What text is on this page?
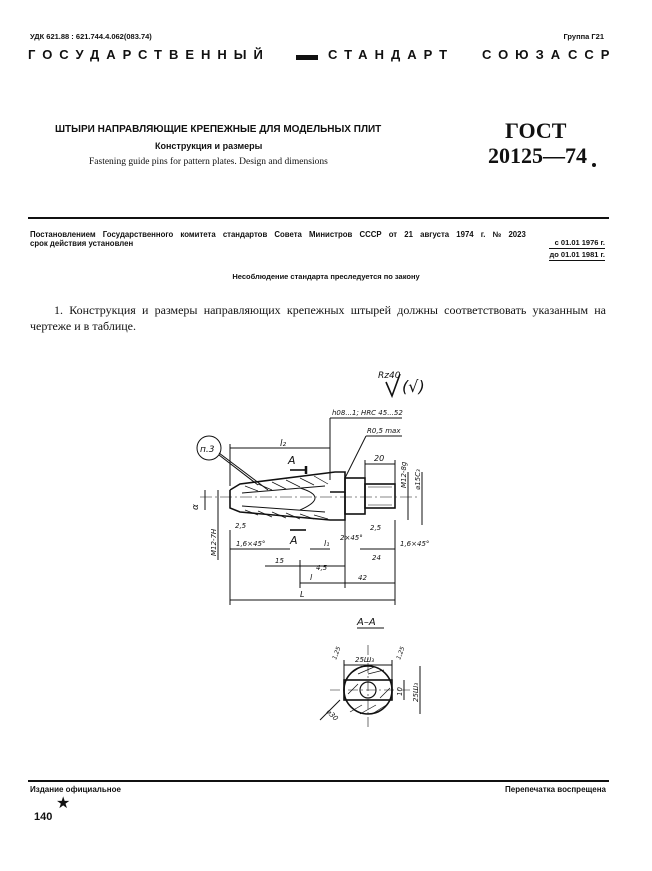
УДК 621.88 : 621.744.4.062(083.74)	Группа Г21
ГОСУДАРСТВЕННЫЙ	СТАНДАРТ СОЮЗА ССР
ШТЫРИ НАПРАВЛЯЮЩИЕ КРЕПЕЖНЫЕ ДЛЯ МОДЕЛЬНЫХ ПЛИТ
Конструкция и размеры
Fastening guide pins for pattern plates. Design and dimensions
ГОСТ
20125—74
Постановлением Государственного комитета стандартов Совета Министров СССР от 21 августа 1974 г. № 2023
срок действия установлен	с 01.01 1976 г.
до 01.01 1981 г.
Несоблюдение стандарта преследуется по закону
1. Конструкция и размеры направляющих крепежных штырей должны соответствовать указанным на чертеже и в таблице.
Rz40
(√)
h08...1; HRC 45...52
R0,5 max
п.3
l₂
А
А
20
M12-8g ⌀15C₃
α
M12-7H
2,5	2,5
1,6×45°	l₁
2×45°
1,6×45°
24
15
4,5
l	42
L
А–А
25Ш₃
10 25Ш₃
⌀30
1,25	1,25
Издание официальное	Перепечатка воспрещена
★
140
